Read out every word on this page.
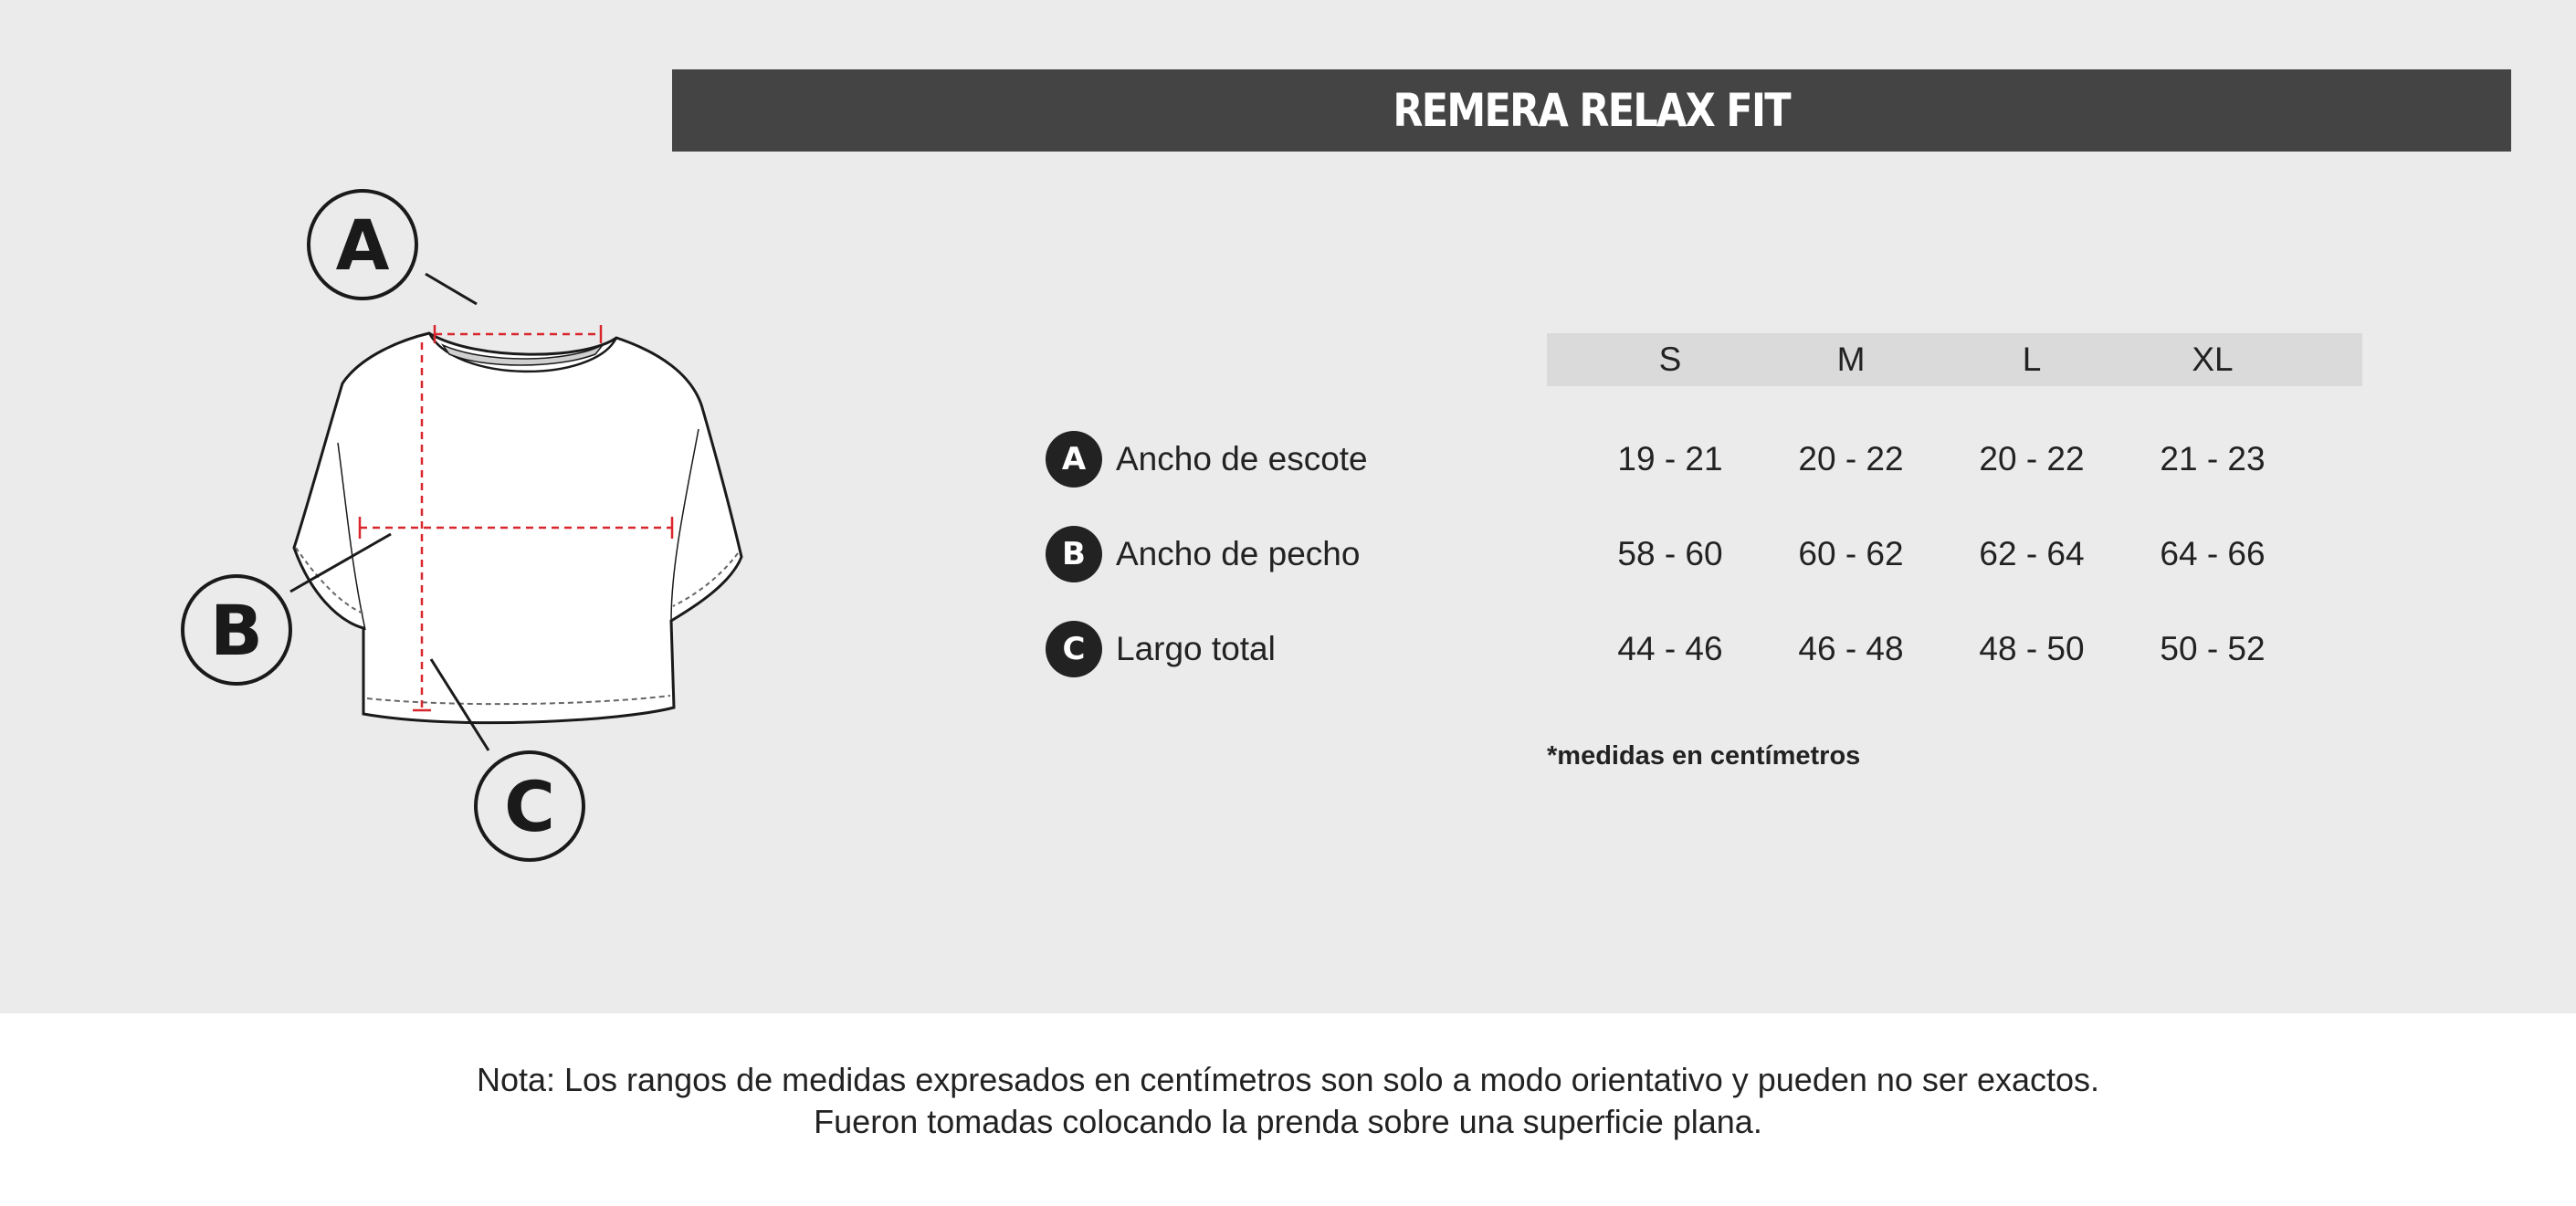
REMERA RELAX FIT
A
B
C
S	M	L	XL
A Ancho de escote	19 - 21	20 - 22	20 - 22	21 - 23
B Ancho de pecho	58 - 60	60 - 62	62 - 64	64 - 66
C Largo total	44 - 46	46 - 48	48 - 50	50 - 52
*medidas en centímetros
Nota: Los rangos de medidas expresados en centímetros son solo a modo orientativo y pueden no ser exactos.
Fueron tomadas colocando la prenda sobre una superficie plana.
